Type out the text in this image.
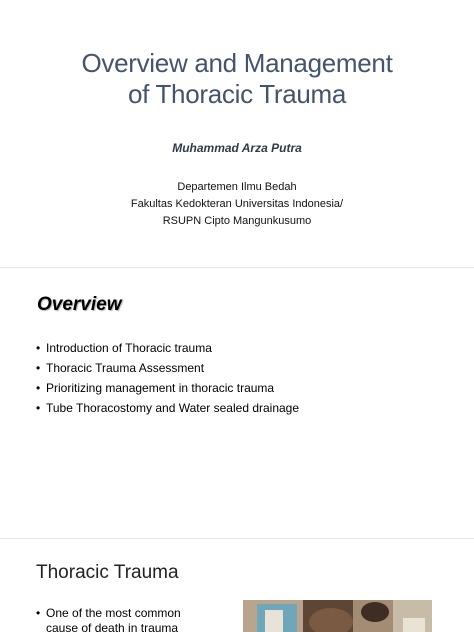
Overview and Management
of Thoracic Trauma
Muhammad Arza Putra
Departemen Ilmu Bedah
Fakultas Kedokteran Universitas Indonesia/
RSUPN Cipto Mangunkusumo
Overview
• Introduction of Thoracic trauma
• Thoracic Trauma Assessment
• Prioritizing management in thoracic trauma
• Tube Thoracostomy and Water sealed drainage
Thoracic Trauma
• One of the most common cause of death in trauma
